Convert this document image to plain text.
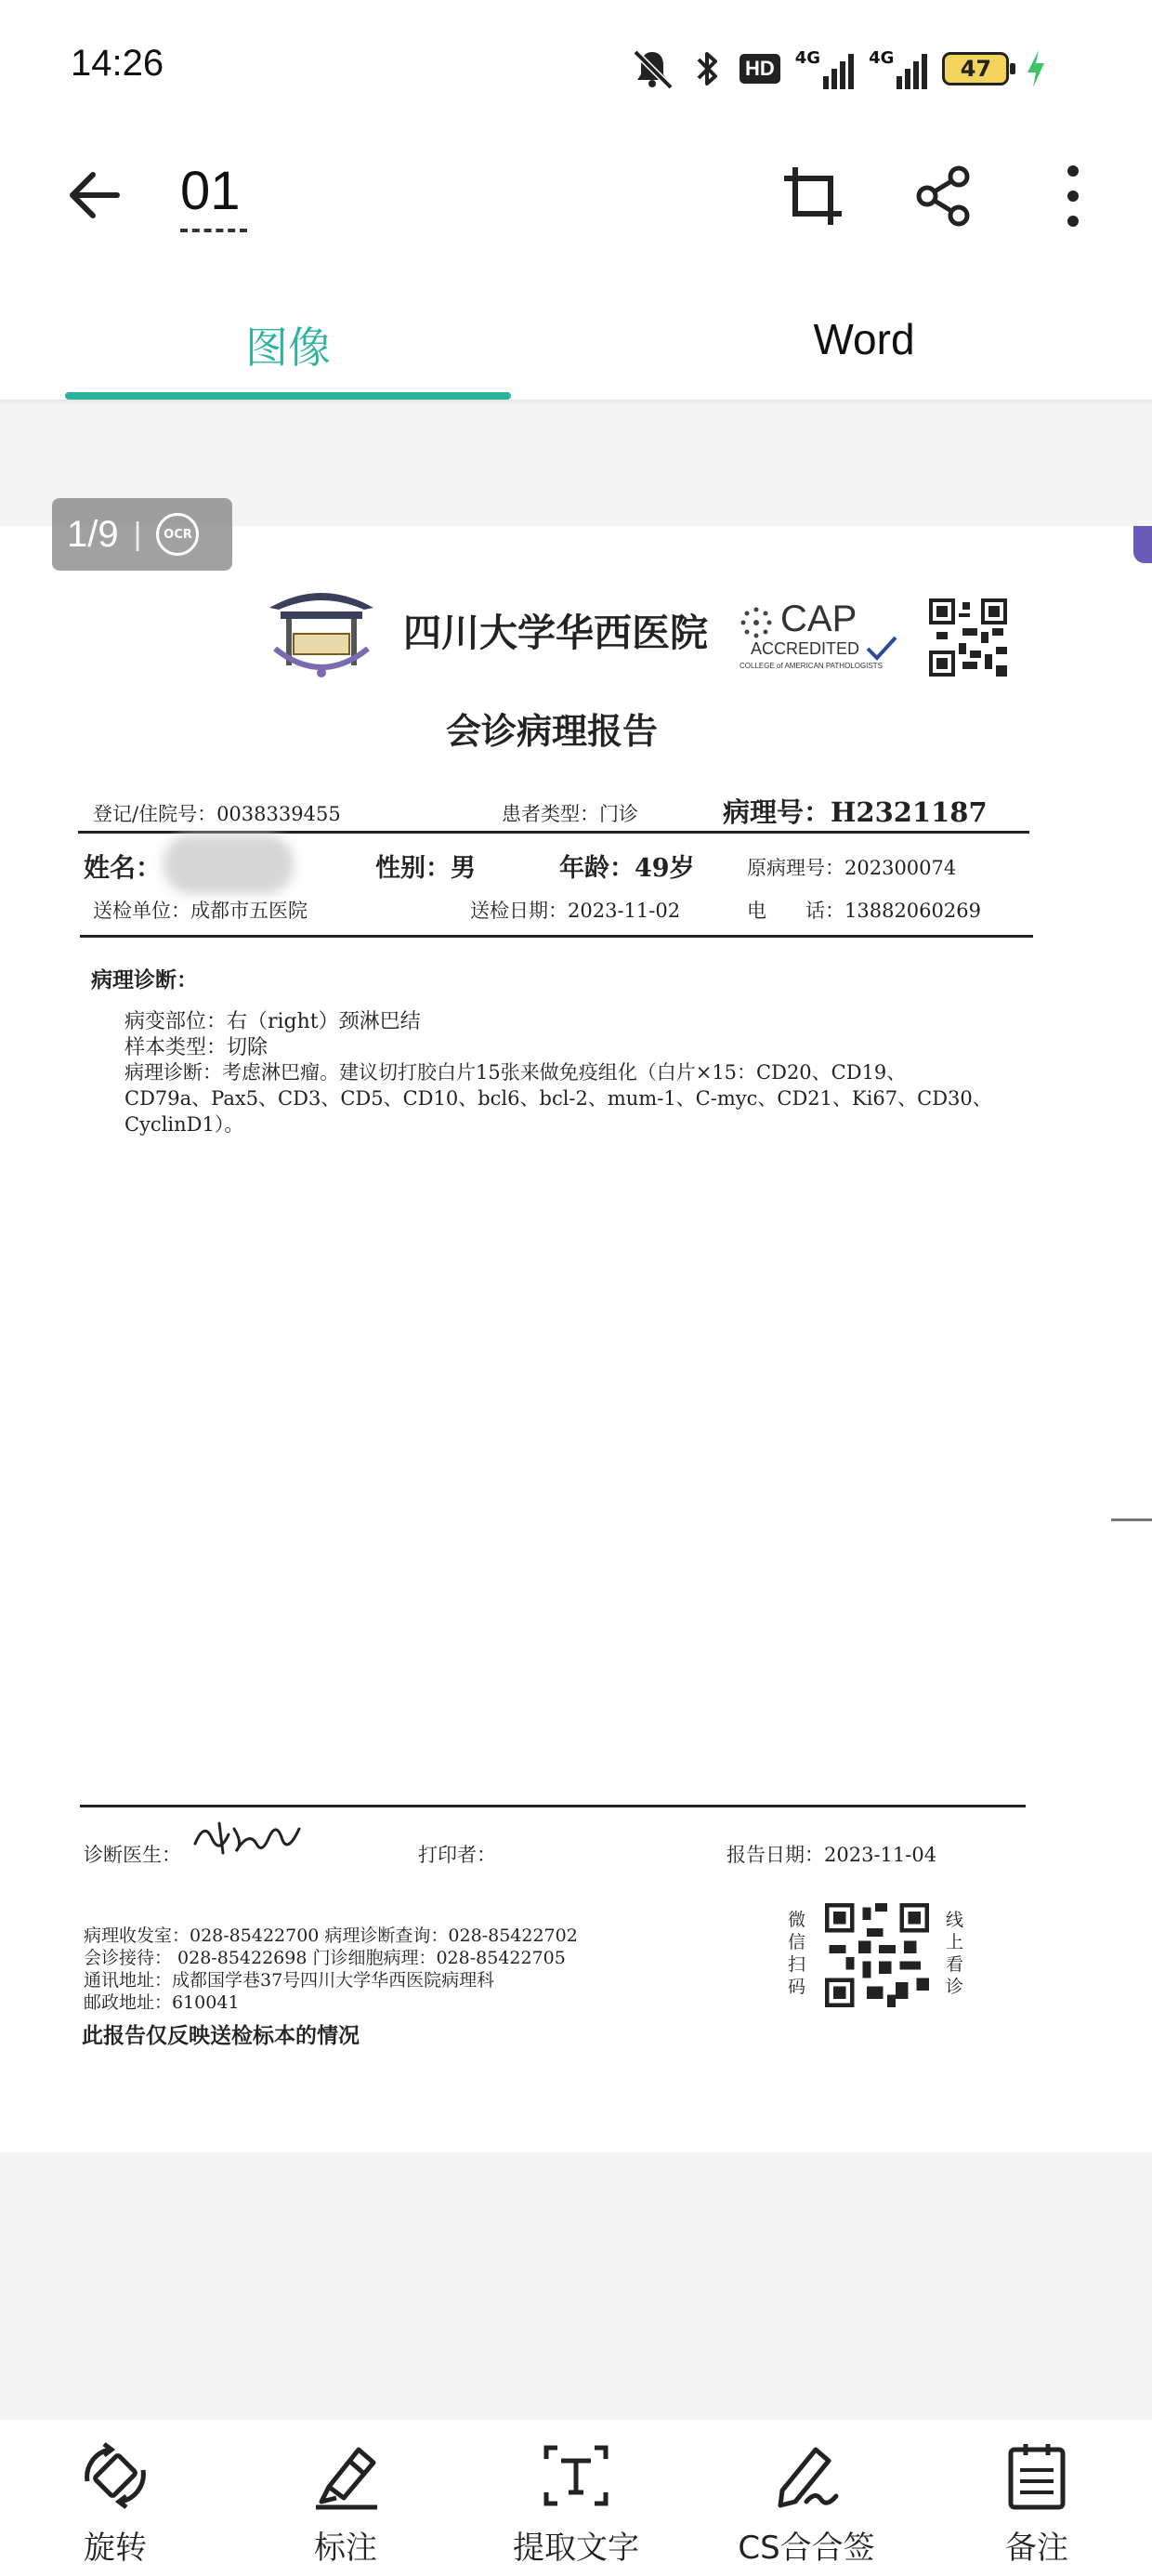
14:26	HD	4G	4G	47
01
图像	Word
四川大学华西医院 CAP
ACCREDITED
COLLEGE of AMERICAN PATHOLOGISTS
会诊病理报告
登记/住院号：0038339455	患者类型：门诊	病理号：H2321187
姓名：	性别：男	年龄：49岁	原病理号：202300074
送检单位：成都市五医院	送检日期：2023-11-02	电　　话：13882060269
病理诊断：
病变部位：右（right）颈淋巴结
样本类型：切除
病理诊断：考虑淋巴瘤。建议切打胶白片15张来做免疫组化（白片×15：CD20、CD19、
CD79a、Pax5、CD3、CD5、CD10、bcl6、bcl-2、mum-1、C-myc、CD21、Ki67、CD30、
CyclinD1）。
诊断医生：	打印者：	报告日期：2023-11-04
病理收发室：028-85422700 病理诊断查询：028-85422702
会诊接待： 028-85422698 门诊细胞病理：028-85422705
通讯地址：成都国学巷37号四川大学华西医院病理科
邮政地址：610041
微信扫码
线上看诊
此报告仅反映送检标本的情况
1/9 |	OCR
旋转	标注	提取文字	CS合合签	备注
